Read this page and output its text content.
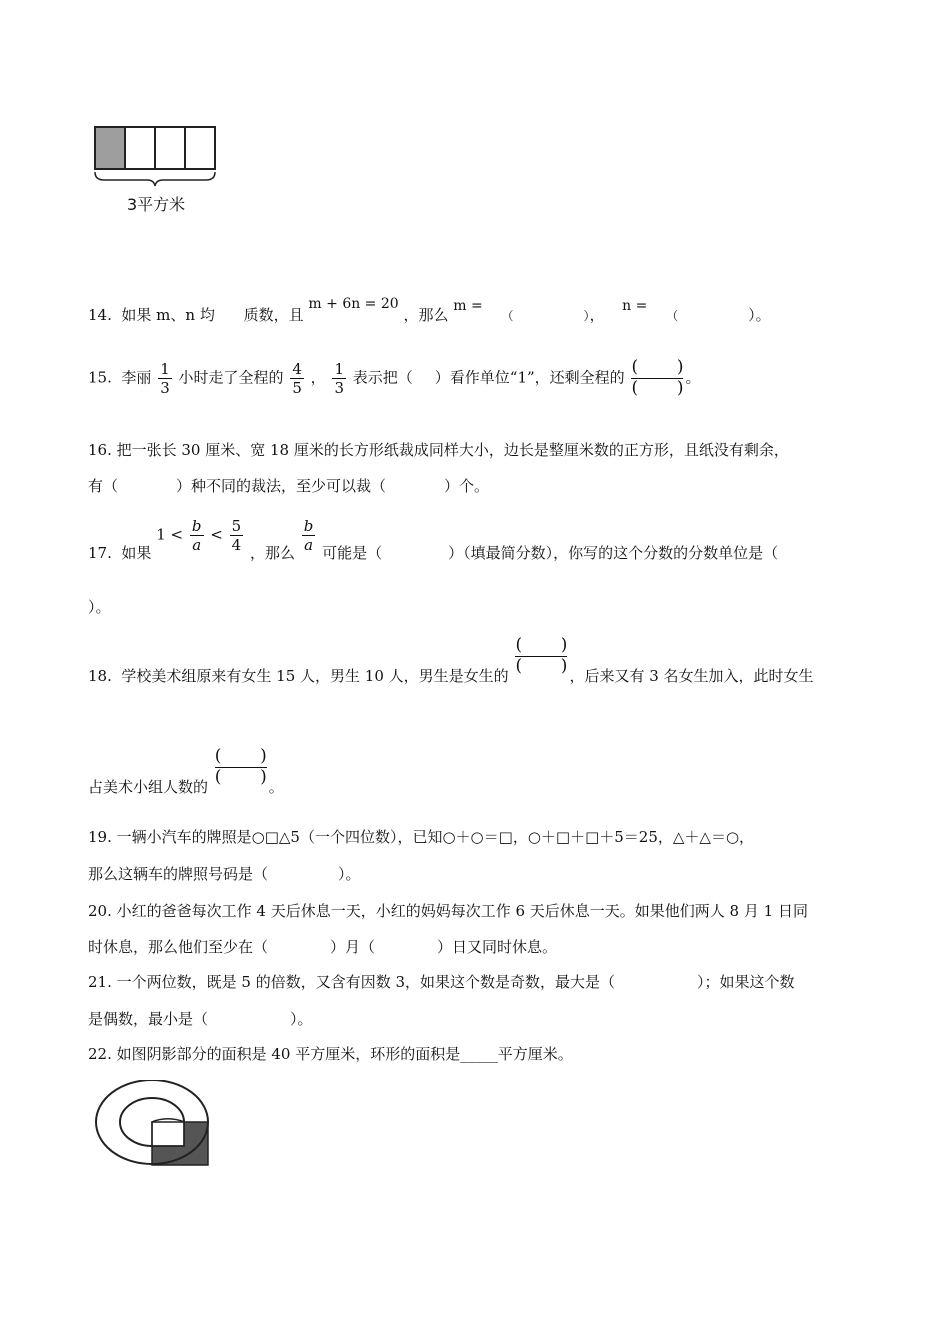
3平方米
14. 如果 m、n 均 质数，且 m + 6n = 20 ，那么 m = （	）， n = （	）。
15. 李丽 $\frac{1}{3}$ 小时走了全程的 $\frac{4}{5}$ ， $\frac{1}{3}$ 表示把（ ）看作单位“1”，还剩全程的 $\frac{( )}{( )}$ 。
16. 把一张长 30 厘米、宽 18 厘米的长方形纸裁成同样大小，边长是整厘米数的正方形，且纸没有剩余，
有（	）种不同的裁法，至少可以裁（	）个。
17. 如果 $1 < \frac{b}{a} < \frac{5}{4}$ ，那么 $\frac{b}{a}$ 可能是（	）（填最简分数），你写的这个分数的分数单位是（
）。
18. 学校美术组原来有女生 15 人，男生 10 人，男生是女生的 $\frac{( )}{( )}$ ，后来又有 3 名女生加入，此时女生
占美术小组人数的 $\frac{( )}{( )}$ 。
19. 一辆小汽车的牌照是○□△5（一个四位数），已知○＋○＝□，○＋□＋□＋5＝25，△＋△＝○，
那么这辆车的牌照号码是（	）。
20. 小红的爸爸每次工作 4 天后休息一天，小红的妈妈每次工作 6 天后休息一天。如果他们两人 8 月 1 日同
时休息，那么他们至少在（	）月（	）日又同时休息。
21. 一个两位数，既是 5 的倍数，又含有因数 3，如果这个数是奇数，最大是（	）；如果这个数
是偶数，最小是（	）。
22. 如图阴影部分的面积是 40 平方厘米，环形的面积是_____平方厘米。
